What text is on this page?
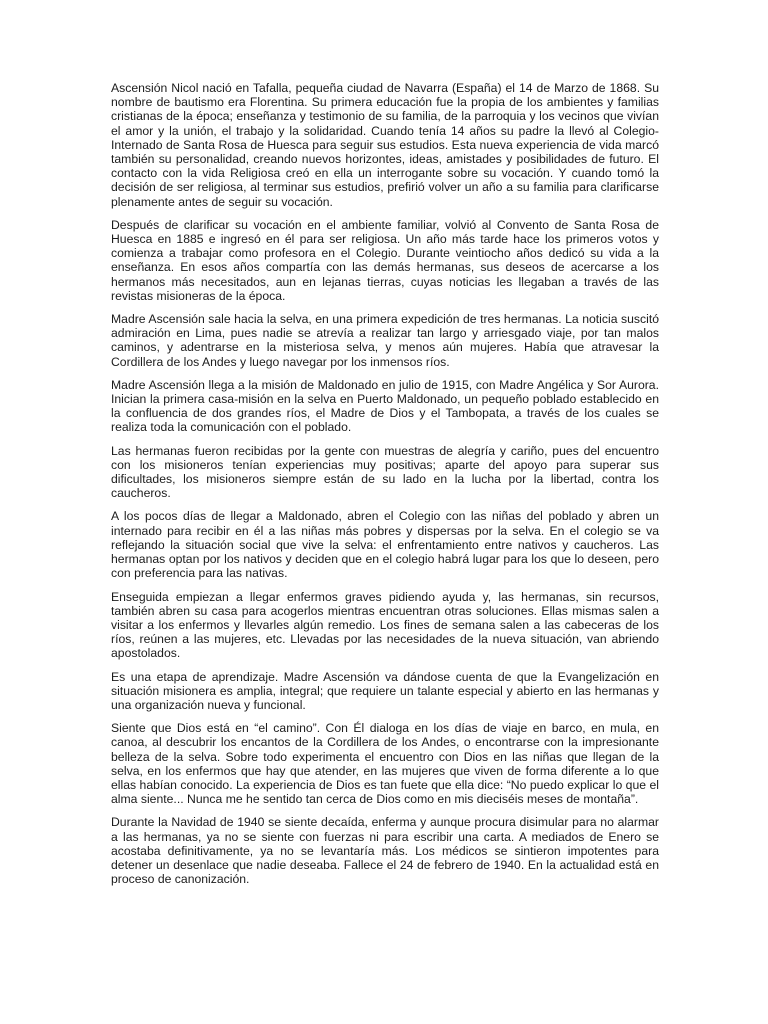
Ascensión Nicol nació en Tafalla, pequeña ciudad de Navarra (España) el 14 de Marzo de 1868. Su nombre de bautismo era Florentina. Su primera educación fue la propia de los ambientes y familias cristianas de la época; enseñanza y testimonio de su familia, de la parroquia y los vecinos que vivían el amor y la unión, el trabajo y la solidaridad. Cuando tenía 14 años su padre la llevó al Colegio-Internado de Santa Rosa de Huesca para seguir sus estudios. Esta nueva experiencia de vida marcó también su personalidad, creando nuevos horizontes, ideas, amistades y posibilidades de futuro. El contacto con la vida Religiosa creó en ella un interrogante sobre su vocación. Y cuando tomó la decisión de ser religiosa, al terminar sus estudios, prefirió volver un año a su familia para clarificarse plenamente antes de seguir su vocación.

Después de clarificar su vocación en el ambiente familiar, volvió al Convento de Santa Rosa de Huesca en 1885 e ingresó en él para ser religiosa. Un año más tarde hace los primeros votos y comienza a trabajar como profesora en el Colegio. Durante veintiocho años dedicó su vida a la enseñanza. En esos años compartía con las demás hermanas, sus deseos de acercarse a los hermanos más necesitados, aun en lejanas tierras, cuyas noticias les llegaban a través de las revistas misioneras de la época.

Madre Ascensión sale hacia la selva, en una primera expedición de tres hermanas. La noticia suscitó admiración en Lima, pues nadie se atrevía a realizar tan largo y arriesgado viaje, por tan malos caminos, y adentrarse en la misteriosa selva, y menos aún mujeres. Había que atravesar la Cordillera de los Andes y luego navegar por los inmensos ríos.

Madre Ascensión llega a la misión de Maldonado en julio de 1915, con Madre Angélica y Sor Aurora. Inician la primera casa-misión en la selva en Puerto Maldonado, un pequeño poblado establecido en la confluencia de dos grandes ríos, el Madre de Dios y el Tambopata, a través de los cuales se realiza toda la comunicación con el poblado.

Las hermanas fueron recibidas por la gente con muestras de alegría y cariño, pues del encuentro con los misioneros tenían experiencias muy positivas; aparte del apoyo para superar sus dificultades, los misioneros siempre están de su lado en la lucha por la libertad, contra los caucheros.

A los pocos días de llegar a Maldonado, abren el Colegio con las niñas del poblado y abren un internado para recibir en él a las niñas más pobres y dispersas por la selva. En el colegio se va reflejando la situación social que vive la selva: el enfrentamiento entre nativos y caucheros. Las hermanas optan por los nativos y deciden que en el colegio habrá lugar para los que lo deseen, pero con preferencia para las nativas.

Enseguida empiezan a llegar enfermos graves pidiendo ayuda y, las hermanas, sin recursos, también abren su casa para acogerlos mientras encuentran otras soluciones. Ellas mismas salen a visitar a los enfermos y llevarles algún remedio. Los fines de semana salen a las cabeceras de los ríos, reúnen a las mujeres, etc. Llevadas por las necesidades de la nueva situación, van abriendo apostolados.

Es una etapa de aprendizaje. Madre Ascensión va dándose cuenta de que la Evangelización en situación misionera es amplia, integral; que requiere un talante especial y abierto en las hermanas y una organización nueva y funcional.

Siente que Dios está en “el camino”. Con Él dialoga en los días de viaje en barco, en mula, en canoa, al descubrir los encantos de la Cordillera de los Andes, o encontrarse con la impresionante belleza de la selva. Sobre todo experimenta el encuentro con Dios en las niñas que llegan de la selva, en los enfermos que hay que atender, en las mujeres que viven de forma diferente a lo que ellas habían conocido. La experiencia de Dios es tan fuete que ella dice: “No puedo explicar lo que el alma siente... Nunca me he sentido tan cerca de Dios como en mis dieciséis meses de montaña”.

Durante la Navidad de 1940 se siente decaída, enferma y aunque procura disimular para no alarmar a las hermanas, ya no se siente con fuerzas ni para escribir una carta. A mediados de Enero se acostaba definitivamente, ya no se levantaría más. Los médicos se sintieron impotentes para detener un desenlace que nadie deseaba. Fallece el 24 de febrero de 1940. En la actualidad está en proceso de canonización.
